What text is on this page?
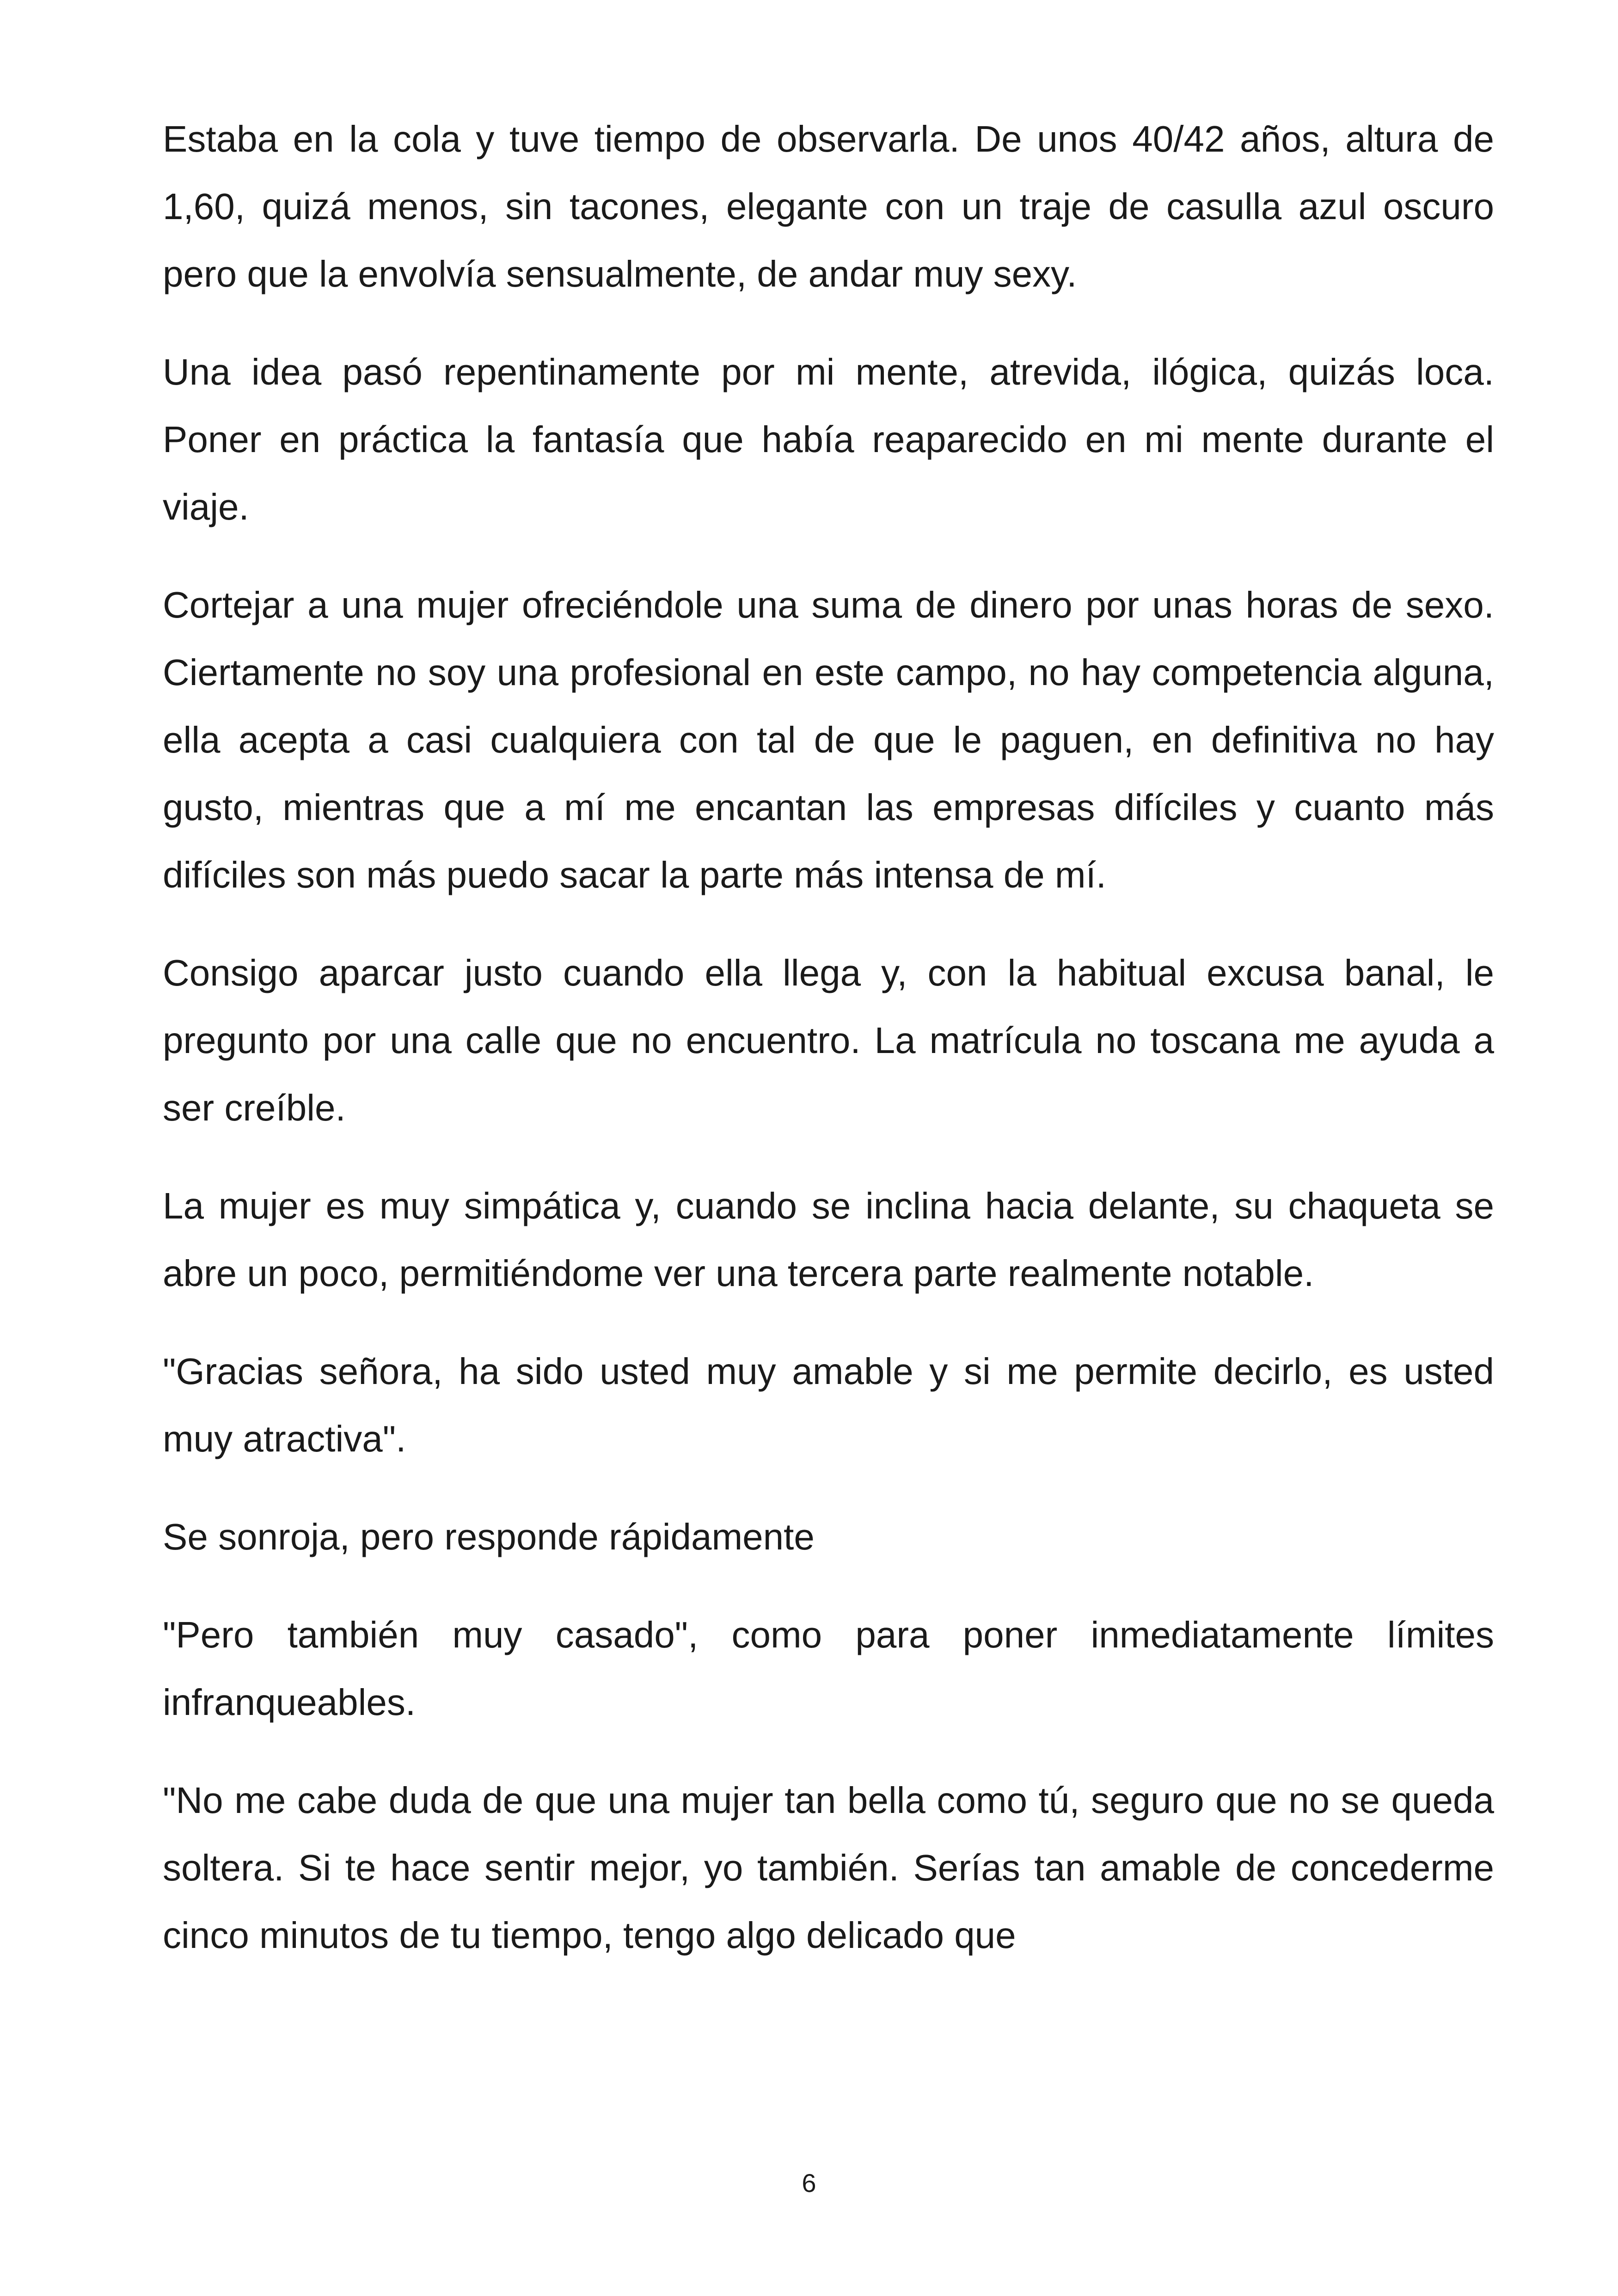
Estaba en la cola y tuve tiempo de observarla. De unos 40/42 años, altura de 1,60, quizá menos, sin tacones, elegante con un traje de casulla azul oscuro pero que la envolvía sensualmente, de andar muy sexy.

Una idea pasó repentinamente por mi mente, atrevida, ilógica, quizás loca. Poner en práctica la fantasía que había reaparecido en mi mente durante el viaje.

Cortejar a una mujer ofreciéndole una suma de dinero por unas horas de sexo. Ciertamente no soy una profesional en este campo, no hay competencia alguna, ella acepta a casi cualquiera con tal de que le paguen, en definitiva no hay gusto, mientras que a mí me encantan las empresas difíciles y cuanto más difíciles son más puedo sacar la parte más intensa de mí.

Consigo aparcar justo cuando ella llega y, con la habitual excusa banal, le pregunto por una calle que no encuentro. La matrícula no toscana me ayuda a ser creíble.

La mujer es muy simpática y, cuando se inclina hacia delante, su chaqueta se abre un poco, permitiéndome ver una tercera parte realmente notable.

"Gracias señora, ha sido usted muy amable y si me permite decirlo, es usted muy atractiva".

Se sonroja, pero responde rápidamente

"Pero también muy casado", como para poner inmediatamente límites infranqueables.

"No me cabe duda de que una mujer tan bella como tú, seguro que no se queda soltera. Si te hace sentir mejor, yo también. Serías tan amable de concederme cinco minutos de tu tiempo, tengo algo delicado que

6
